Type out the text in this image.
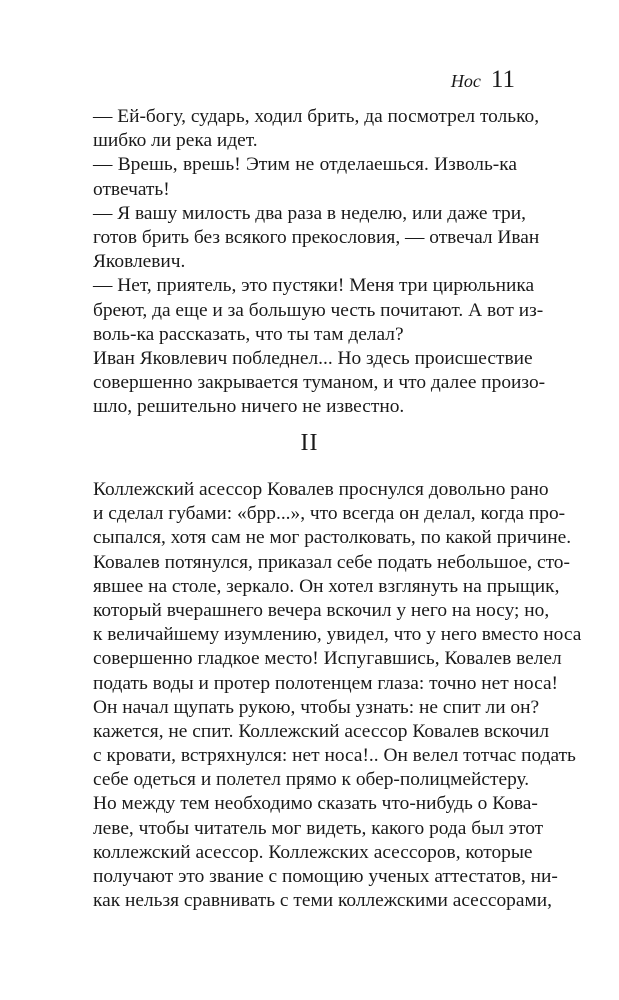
Нос 11
— Ей-богу, сударь, ходил брить, да посмотрел только,
шибко ли река идет.
— Врешь, врешь! Этим не отделаешься. Изволь-ка
отвечать!
— Я вашу милость два раза в неделю, или даже три,
готов брить без всякого прекословия, — отвечал Иван
Яковлевич.
— Нет, приятель, это пустяки! Меня три цирюльника
бреют, да еще и за большую честь почитают. А вот из-
воль-ка рассказать, что ты там делал?
Иван Яковлевич побледнел... Но здесь происшествие
совершенно закрывается туманом, и что далее произо-
шло, решительно ничего не известно.
II
Коллежский асессор Ковалев проснулся довольно рано
и сделал губами: «брр...», что всегда он делал, когда про-
сыпался, хотя сам не мог растолковать, по какой причине.
Ковалев потянулся, приказал себе подать небольшое, сто-
явшее на столе, зеркало. Он хотел взглянуть на прыщик,
который вчерашнего вечера вскочил у него на носу; но,
к величайшему изумлению, увидел, что у него вместо носа
совершенно гладкое место! Испугавшись, Ковалев велел
подать воды и протер полотенцем глаза: точно нет носа!
Он начал щупать рукою, чтобы узнать: не спит ли он?
кажется, не спит. Коллежский асессор Ковалев вскочил
с кровати, встряхнулся: нет носа!.. Он велел тотчас подать
себе одеться и полетел прямо к обер-полицмейстеру.
Но между тем необходимо сказать что-нибудь о Кова-
леве, чтобы читатель мог видеть, какого рода был этот
коллежский асессор. Коллежских асессоров, которые
получают это звание с помощию ученых аттестатов, ни-
как нельзя сравнивать с теми коллежскими асессорами,
